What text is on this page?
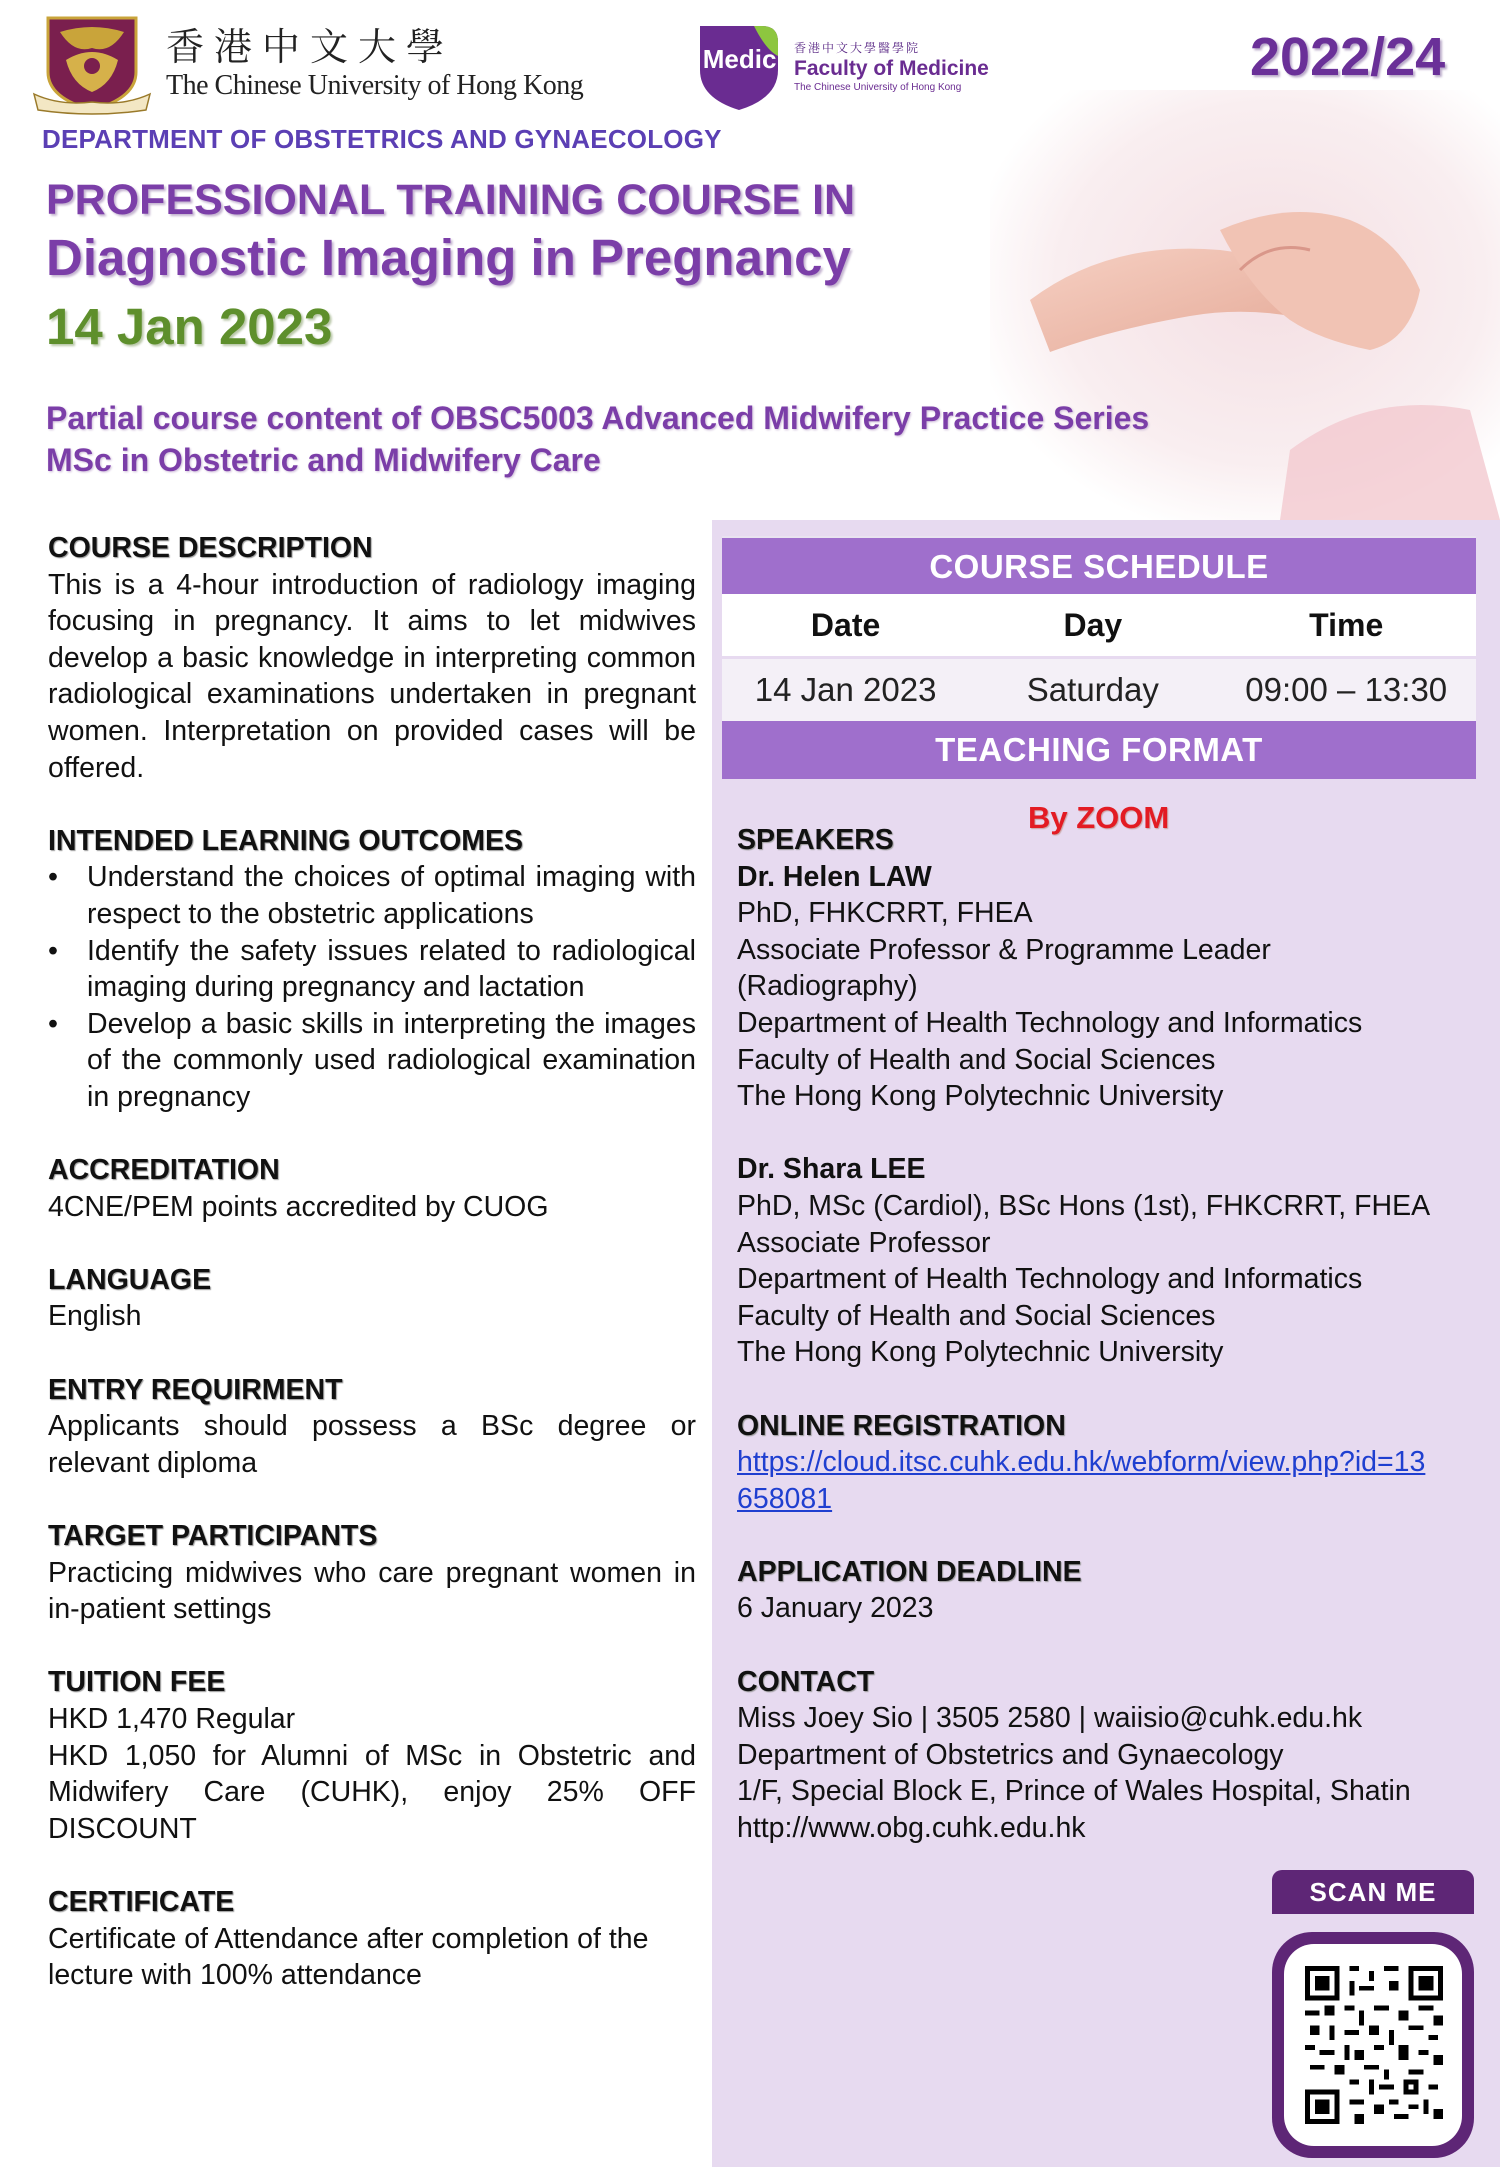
香港中文大學
The Chinese University of Hong Kong
CU Medicine
香港中文大學醫學院
Faculty of Medicine
The Chinese University of Hong Kong
2022/24
DEPARTMENT OF OBSTETRICS AND GYNAECOLOGY
PROFESSIONAL TRAINING COURSE IN
Diagnostic Imaging in Pregnancy
14 Jan 2023
Partial course content of OBSC5003 Advanced Midwifery Practice Series
MSc in Obstetric and Midwifery Care
COURSE DESCRIPTION
This is a 4-hour introduction of radiology imaging focusing in pregnancy. It aims to let midwives develop a basic knowledge in interpreting common radiological examinations undertaken in pregnant women. Interpretation on provided cases will be offered.
INTENDED LEARNING OUTCOMES
• Understand the choices of optimal imaging with respect to the obstetric applications
• Identify the safety issues related to radiological imaging during pregnancy and lactation
• Develop a basic skills in interpreting the images of the commonly used radiological examination in pregnancy
ACCREDITATION
4CNE/PEM points accredited by CUOG
LANGUAGE
English
ENTRY REQUIRMENT
Applicants should possess a BSc degree or relevant diploma
TARGET PARTICIPANTS
Practicing midwives who care pregnant women in in-patient settings
TUITION FEE
HKD 1,470 Regular
HKD 1,050 for Alumni of MSc in Obstetric and Midwifery Care (CUHK), enjoy 25% OFF DISCOUNT
CERTIFICATE
Certificate of Attendance after completion of the lecture with 100% attendance
COURSE SCHEDULE
Date	Day	Time
14 Jan 2023	Saturday	09:00 – 13:30
TEACHING FORMAT
By ZOOM
SPEAKERS
Dr. Helen LAW
PhD, FHKCRRT, FHEA
Associate Professor & Programme Leader
(Radiography)
Department of Health Technology and Informatics
Faculty of Health and Social Sciences
The Hong Kong Polytechnic University
Dr. Shara LEE
PhD, MSc (Cardiol), BSc Hons (1st), FHKCRRT, FHEA
Associate Professor
Department of Health Technology and Informatics
Faculty of Health and Social Sciences
The Hong Kong Polytechnic University
ONLINE REGISTRATION
https://cloud.itsc.cuhk.edu.hk/webform/view.php?id=13
658081
APPLICATION DEADLINE
6 January 2023
CONTACT
Miss Joey Sio | 3505 2580 | waiisio@cuhk.edu.hk
Department of Obstetrics and Gynaecology
1/F, Special Block E, Prince of Wales Hospital, Shatin
http://www.obg.cuhk.edu.hk
SCAN ME
